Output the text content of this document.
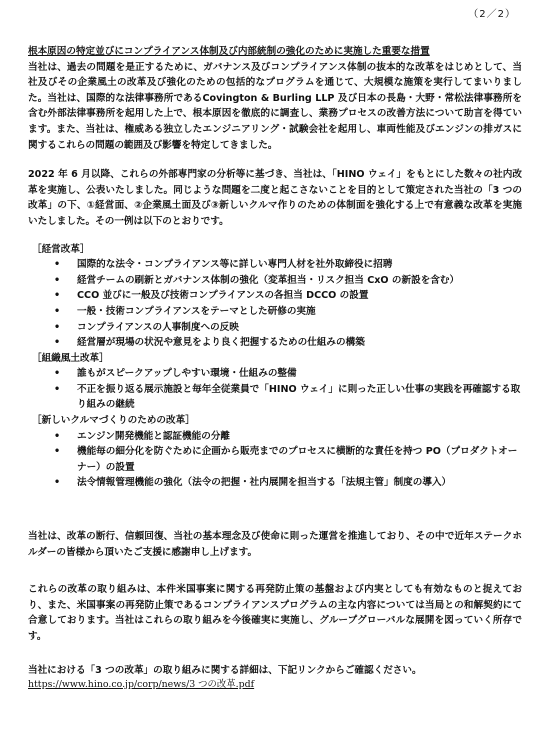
（2／2）

根本原因の特定並びにコンプライアンス体制及び内部統制の強化のために実施した重要な措置
当社は、過去の問題を是正するために、ガバナンス及びコンプライアンス体制の抜本的な改革をはじめとして、当社及びその企業風土の改革及び強化のための包括的なプログラムを通じて、大規模な施策を実行してまいりました。当社は、国際的な法律事務所であるCovington & Burling LLP 及び日本の長島・大野・常松法律事務所を含む外部法律事務所を起用した上で、根本原因を徹底的に調査し、業務プロセスの改善方法について助言を得ています。また、当社は、権威ある独立したエンジニアリング・試験会社を起用し、車両性能及びエンジンの排ガスに関するこれらの問題の範囲及び影響を特定してきました。

2022 年 6 月以降、これらの外部専門家の分析等に基づき、当社は、「HINO ウェイ」をもとにした数々の社内改革を実施し、公表いたしました。同じような問題を二度と起こさないことを目的として策定された当社の「3 つの改革」の下、①経営面、②企業風土面及び③新しいクルマ作りのための体制面を強化する上で有意義な改革を実施いたしました。その一例は以下のとおりです。

［経営改革］
• 国際的な法令・コンプライアンス等に詳しい専門人材を社外取締役に招聘
• 経営チームの刷新とガバナンス体制の強化（変革担当・リスク担当 CxO の新設を含む）
• CCO 並びに一般及び技術コンプライアンスの各担当 DCCO の設置
• 一般・技術コンプライアンスをテーマとした研修の実施
• コンプライアンスの人事制度への反映
• 経営層が現場の状況や意見をより良く把握するための仕組みの構築
［組織風土改革］
• 誰もがスピークアップしやすい環境・仕組みの整備
• 不正を振り返る展示施設と毎年全従業員で「HINO ウェイ」に則った正しい仕事の実践を再確認する取り組みの継続
［新しいクルマづくりのための改革］
• エンジン開発機能と認証機能の分離
• 機能毎の細分化を防ぐために企画から販売までのプロセスに横断的な責任を持つ PO（プロダクトオーナー）の設置
• 法令情報管理機能の強化（法令の把握・社内展開を担当する「法規主管」制度の導入）

当社は、改革の断行、信頼回復、当社の基本理念及び使命に則った運営を推進しており、その中で近年ステークホルダーの皆様から頂いたご支援に感謝申し上げます。

これらの改革の取り組みは、本件米国事案に関する再発防止策の基盤および内実としても有効なものと捉えており、また、米国事案の再発防止策であるコンプライアンスプログラムの主な内容については当局との和解契約にて合意しております。当社はこれらの取り組みを今後確実に実施し、グループグローバルな展開を図っていく所存です。

当社における「3 つの改革」の取り組みに関する詳細は、下記リンクからご確認ください。

https://www.hino.co.jp/corp/news/3 つの改革.pdf
